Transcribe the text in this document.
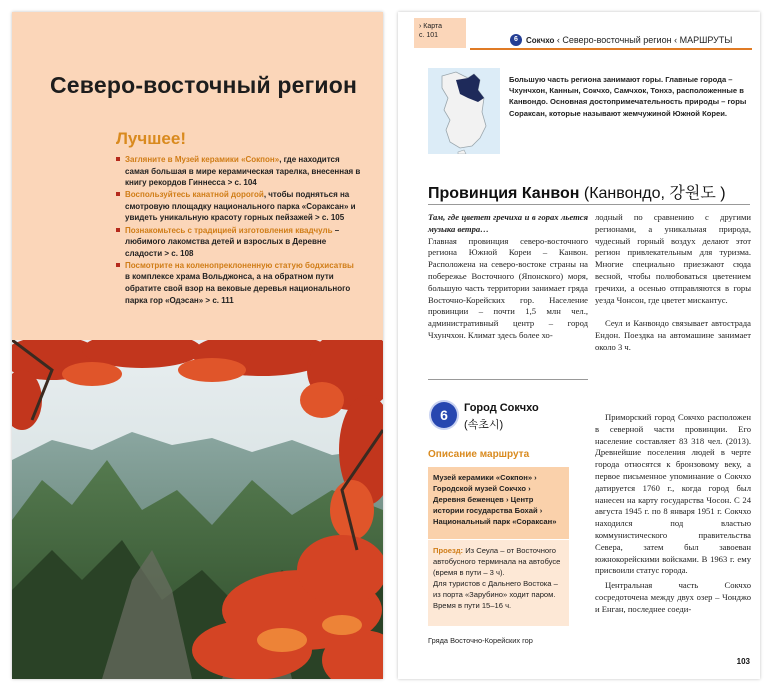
Северо-восточный регион
Лучшее!
Загляните в Музей керамики «Сокпон», где находится самая большая в мире керамическая тарелка, внесенная в книгу рекордов Гиннесса > с. 104
Воспользуйтесь канатной дорогой, чтобы подняться на смотровую площадку национального парка «Сораксан» и увидеть уникальную красоту горных пейзажей > с. 105
Познакомьтесь с традицией изготовления квадчуль – любимого лакомства детей и взрослых в Деревне сладости > с. 108
Посмотрите на коленопреклоненную статую бодхисатвы в комплексе храма Вольджонса, а на обратном пути обратите свой взор на вековые деревья национального парка гор «Одэсан» > с. 111
› Карта
с. 101
6	Сокчхо ‹ Северо-восточный регион ‹ МАРШРУТЫ
Большую часть региона занимают горы. Главные города – Чхунчхон, Каннын, Сокчхо, Самчхок, Тонхэ, расположенные в Канвондо. Основная достопримечательность природы – горы Сораксан, которые называют жемчужиной Южной Кореи.
Провинция Канвон (Канвондо, 강원도 )

Там, где цветет гречиха и в горах льется музыка ветра…

Главная провинция северо-восточного региона Южной Кореи – Канвон. Расположена на северо-востоке страны на побережье Восточного (Японского) моря, большую часть территории занимает гряда Восточно-Корейских гор. Население провинции – почти 1,5 млн чел., административный центр – город Чхунчхон. Климат здесь более хо-

лодный по сравнению с другими регионами, а уникальная природа, чудесный горный воздух делают этот регион привлекательным для туризма. Многие специально приезжают сюда весной, чтобы полюбоваться цветением гречихи, а осенью отправляются в горы уезда Чонсон, где цветет мискантус.

Сеул и Канвондо связывает автострада Ендон. Поездка на автомашине занимает около 3 ч.

6	Город Сокчхо
(속초시)
Описание маршрута
Музей керамики «Сокпон» › Городской музей Сокчхо › Деревня беженцев › Центр истории государства Бохай › Национальный парк «Сораксан»
Проезд: Из Сеула – от Восточного автобусного терминала на автобусе (время в пути – 3 ч).
Для туристов с Дальнего Востока – из порта «Зарубино» ходит паром. Время в пути 15–16 ч.
Гряда Восточно-Корейских гор

Приморский город Сокчхо расположен в северной части провинции. Его население составляет 83 318 чел. (2013). Древнейшие поселения людей в черте города относятся к бронзовому веку, а первое письменное упоминание о Сокчхо датируется 1760 г., когда город был нанесен на карту государства Чосон. С 24 августа 1945 г. по 8 января 1951 г. Сокчхо находился под властью коммунистического правительства Севера, затем был завоеван южнокорейскими войсками. В 1963 г. ему присвоили статус города.

Центральная часть Сокчхо сосредоточена между двух озер – Чонджо и Енган, последнее соеди-

103
